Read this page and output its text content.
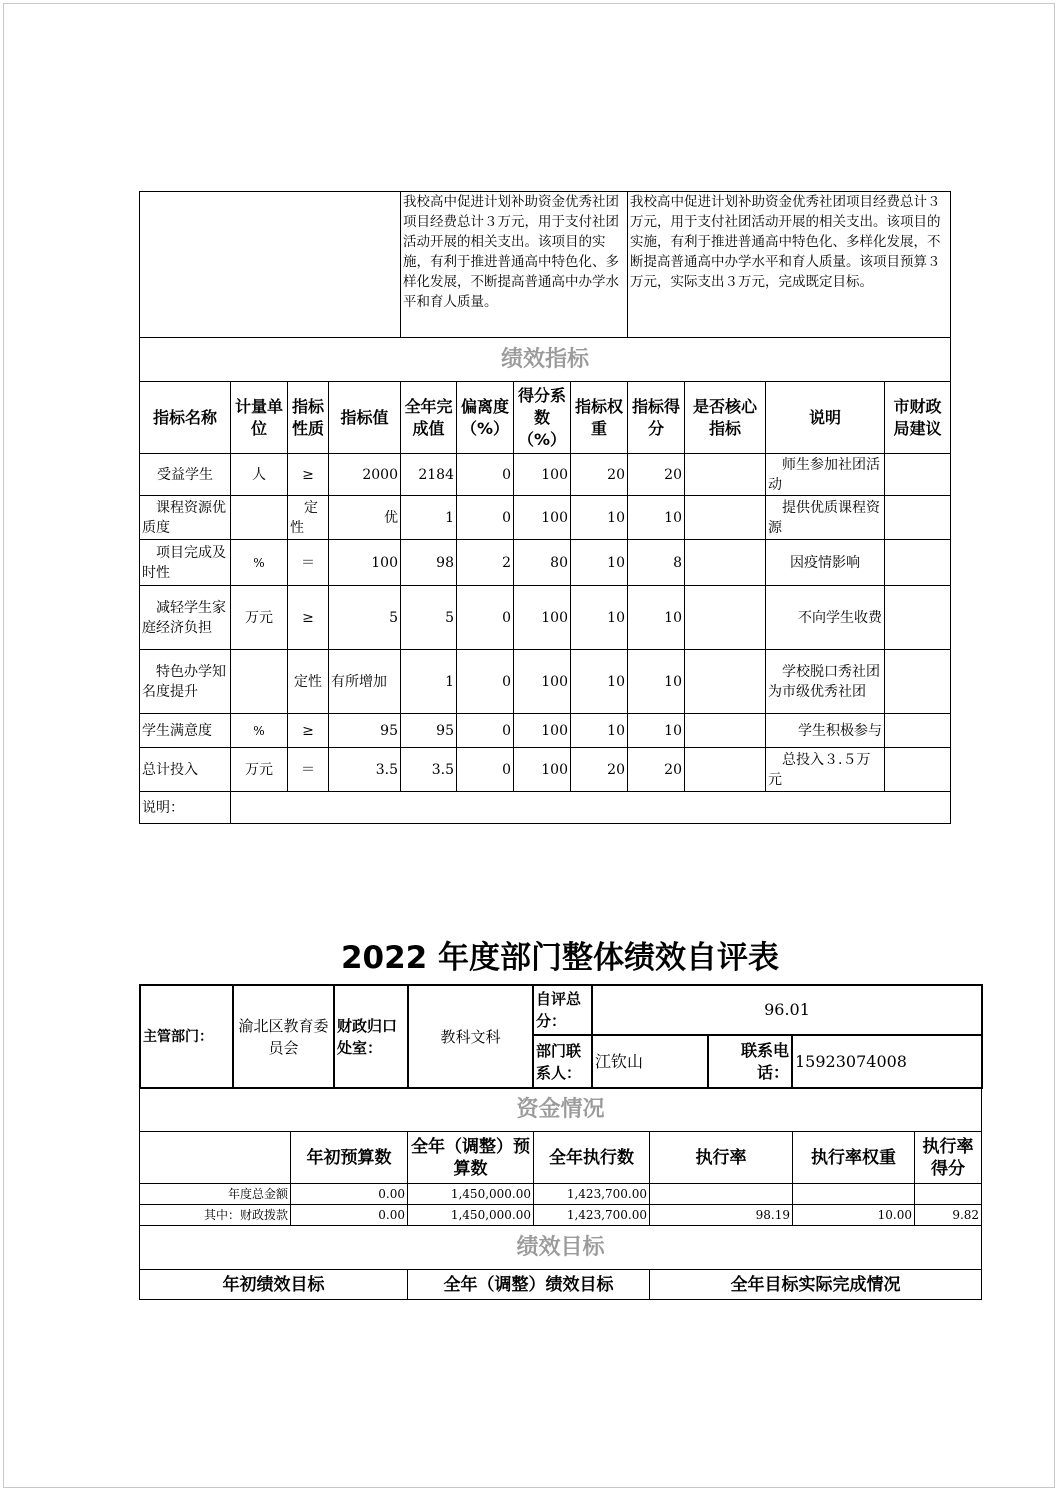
				我校高中促进计划补助资金优秀社团项目经费总计３万元，用于支付社团活动开展的相关支出。该项目的实施，有利于推进普通高中特色化、多样化发展，不断提高普通高中办学水平和育人质量。				我校高中促进计划补助资金优秀社团项目经费总计３万元，用于支付社团活动开展的相关支出。该项目的实施，有利于推进普通高中特色化、多样化发展，不断提高普通高中办学水平和育人质量。该项目预算３万元，实际支出３万元，完成既定目标。			
绩效指标											
指标名称	计量单位	指标性质	指标值	全年完成值	偏离度（%）	得分系数（%）	指标权重	指标得分	是否核心指标	说明	市财政局建议
受益学生	人	≥	2000	2184	0	100	20	20		师生参加社团活动	
课程资源优质度		定性	优	1	0	100	10	10		提供优质课程资源	
项目完成及时性	%	＝	100	98	2	80	10	8		因疫情影响	
减轻学生家庭经济负担	万元	≥	5	5	0	100	10	10		不向学生收费	
特色办学知名度提升		定性	有所增加	1	0	100	10	10		学校脱口秀社团为市级优秀社团	
学生满意度	%	≥	95	95	0	100	10	10		学生积极参与	
总计投入	万元	＝	3.5	3.5	0	100	20	20		总投入３.５万元	
说明：											
2022 年度部门整体绩效自评表
主管部门：	渝北区教育委员会	财政归口处室：	教科文科	自评总分：	96.01		
				部门联系人：	江钦山	联系电话：	15923074008
资金情况						
	年初预算数	全年（调整）预算数	全年执行数	执行率	执行率权重	执行率得分
年度总金额	0.00	1,450,000.00	1,423,700.00			
其中：财政拨款	0.00	1,450,000.00	1,423,700.00	98.19	10.00	9.82
绩效目标						
年初绩效目标		全年（调整）绩效目标		全年目标实际完成情况		
